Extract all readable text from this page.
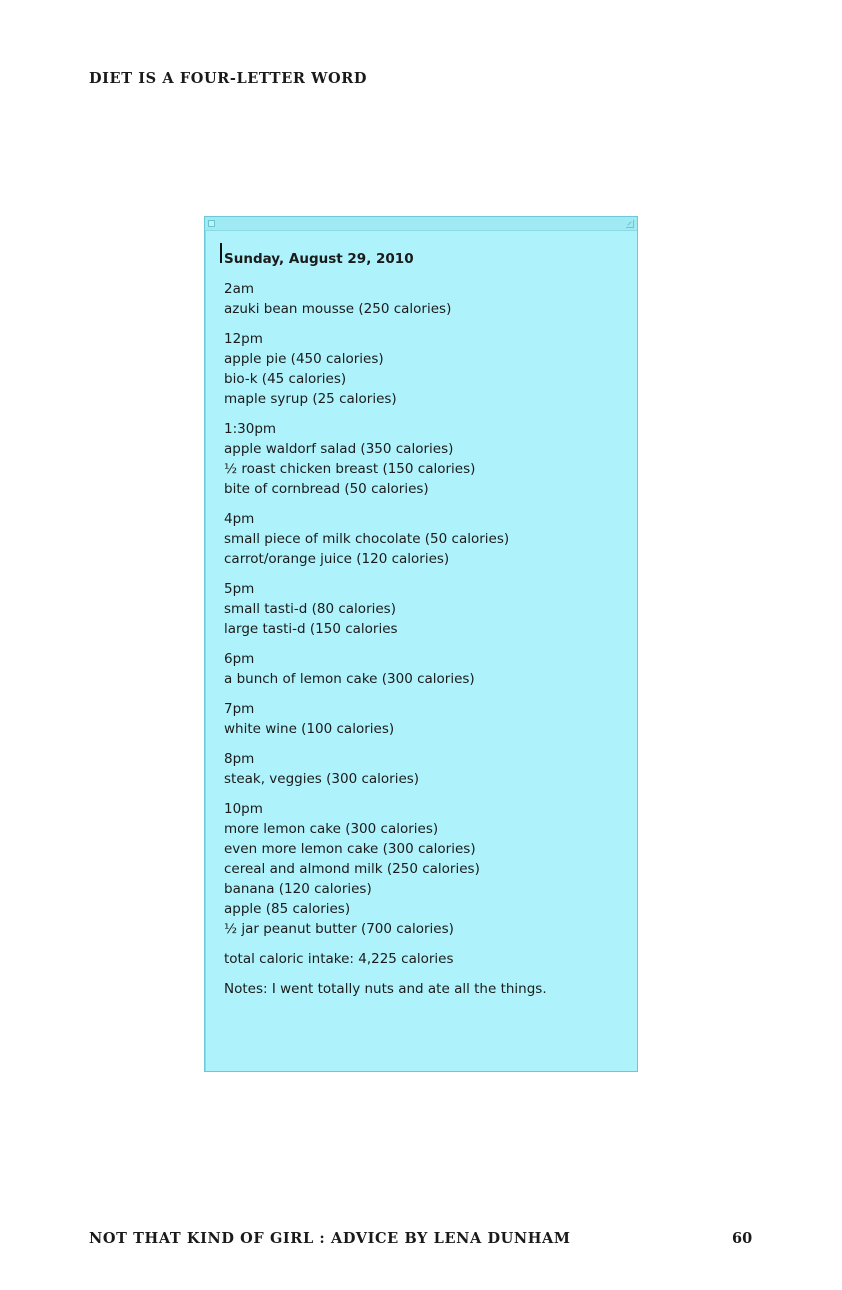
DIET IS A FOUR-LETTER WORD
Sunday, August 29, 2010
2am
azuki bean mousse (250 calories)
12pm
apple pie (450 calories)
bio-k (45 calories)
maple syrup (25 calories)
1:30pm
apple waldorf salad (350 calories)
½ roast chicken breast (150 calories)
bite of cornbread (50 calories)
4pm
small piece of milk chocolate (50 calories)
carrot/orange juice (120 calories)
5pm
small tasti-d (80 calories)
large tasti-d (150 calories
6pm
a bunch of lemon cake (300 calories)
7pm
white wine (100 calories)
8pm
steak, veggies (300 calories)
10pm
more lemon cake (300 calories)
even more lemon cake (300 calories)
cereal and almond milk (250 calories)
banana (120 calories)
apple (85 calories)
½ jar peanut butter (700 calories)
total caloric intake: 4,225 calories
Notes: I went totally nuts and ate all the things.
NOT THAT KIND OF GIRL : ADVICE BY LENA DUNHAM	60
